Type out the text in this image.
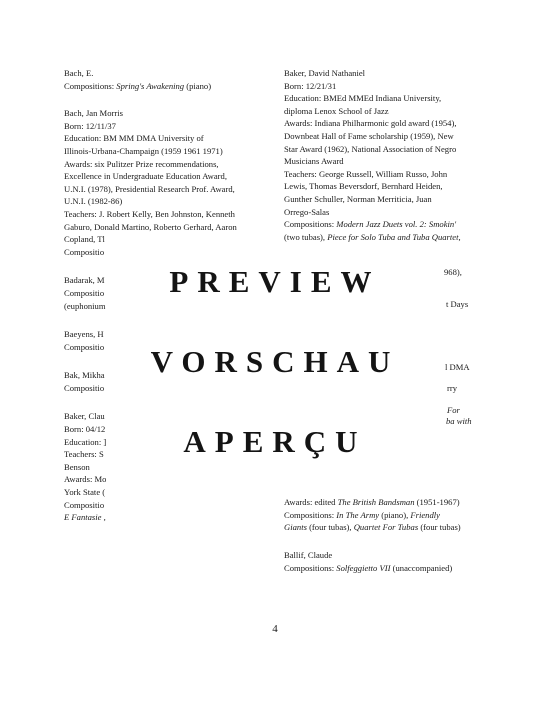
Bach, E.
Compositions: Spring's Awakening (piano)
Bach, Jan Morris
Born: 12/11/37
Education: BM MM DMA University of
Illinois-Urbana-Champaign (1959 1961 1971)
Awards: six Pulitzer Prize recommendations,
Excellence in Undergraduate Education Award,
U.N.I. (1978), Presidential Research Prof. Award,
U.N.I. (1982-86)
Teachers: J. Robert Kelly, Ben Johnston, Kenneth
Gaburo, Donald Martino, Roberto Gerhard, Aaron
Copland, Tl
Compositio
Badarak, M
Compositio
(euphonium
Baeyens, H
Compositio
Bak, Mikha
Compositio
Baker, Clau
Born: 04/12
Education: ]
Teachers: S
Benson
Awards: Mo
York State (
Compositio
E Fantasie ,
Baker, David Nathaniel
Born: 12/21/31
Education: BMEd MMEd Indiana University,
diploma Lenox School of Jazz
Awards: Indiana Philharmonic gold award (1954),
Downbeat Hall of Fame scholarship (1959), New
Star Award (1962), National Association of Negro
Musicians Award
Teachers: George Russell, William Russo, John
Lewis, Thomas Beversdorf, Bernhard Heiden,
Gunther Schuller, Norman Merriticia, Juan
Orrego-Salas
Compositions: Modern Jazz Duets vol. 2: Smokin'
(two tubas), Piece for Solo Tuba and Tuba Quartet,
968),
t Days
l DMA
rry
For
ba with
Awards: edited The British Bandsman (1951-1967)
Compositions: In The Army (piano), Friendly
Giants (four tubas), Quartet For Tubas (four tubas)
Ballif, Claude
Compositions: Solfeggietto VII (unaccompanied)
PREVIEW
VORSCHAU
APERÇU
4
